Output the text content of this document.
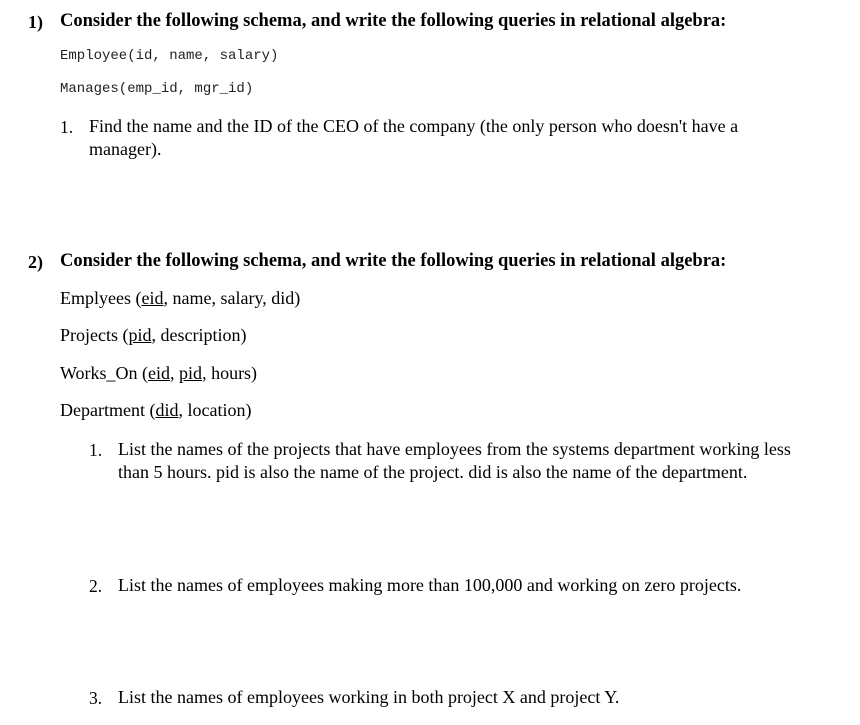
1) Consider the following schema, and write the following queries in relational algebra:
Employee(id, name, salary)
Manages(emp_id, mgr_id)
1. Find the name and the ID of the CEO of the company (the only person who doesn't have a
manager).
2) Consider the following schema, and write the following queries in relational algebra:
Emplyees (eid, name, salary, did)
Projects (pid, description)
Works_On (eid, pid, hours)
Department (did, location)
1. List the names of the projects that have employees from the systems department working less
than 5 hours. pid is also the name of the project. did is also the name of the department.
2. List the names of employees making more than 100,000 and working on zero projects.
3. List the names of employees working in both project X and project Y.
